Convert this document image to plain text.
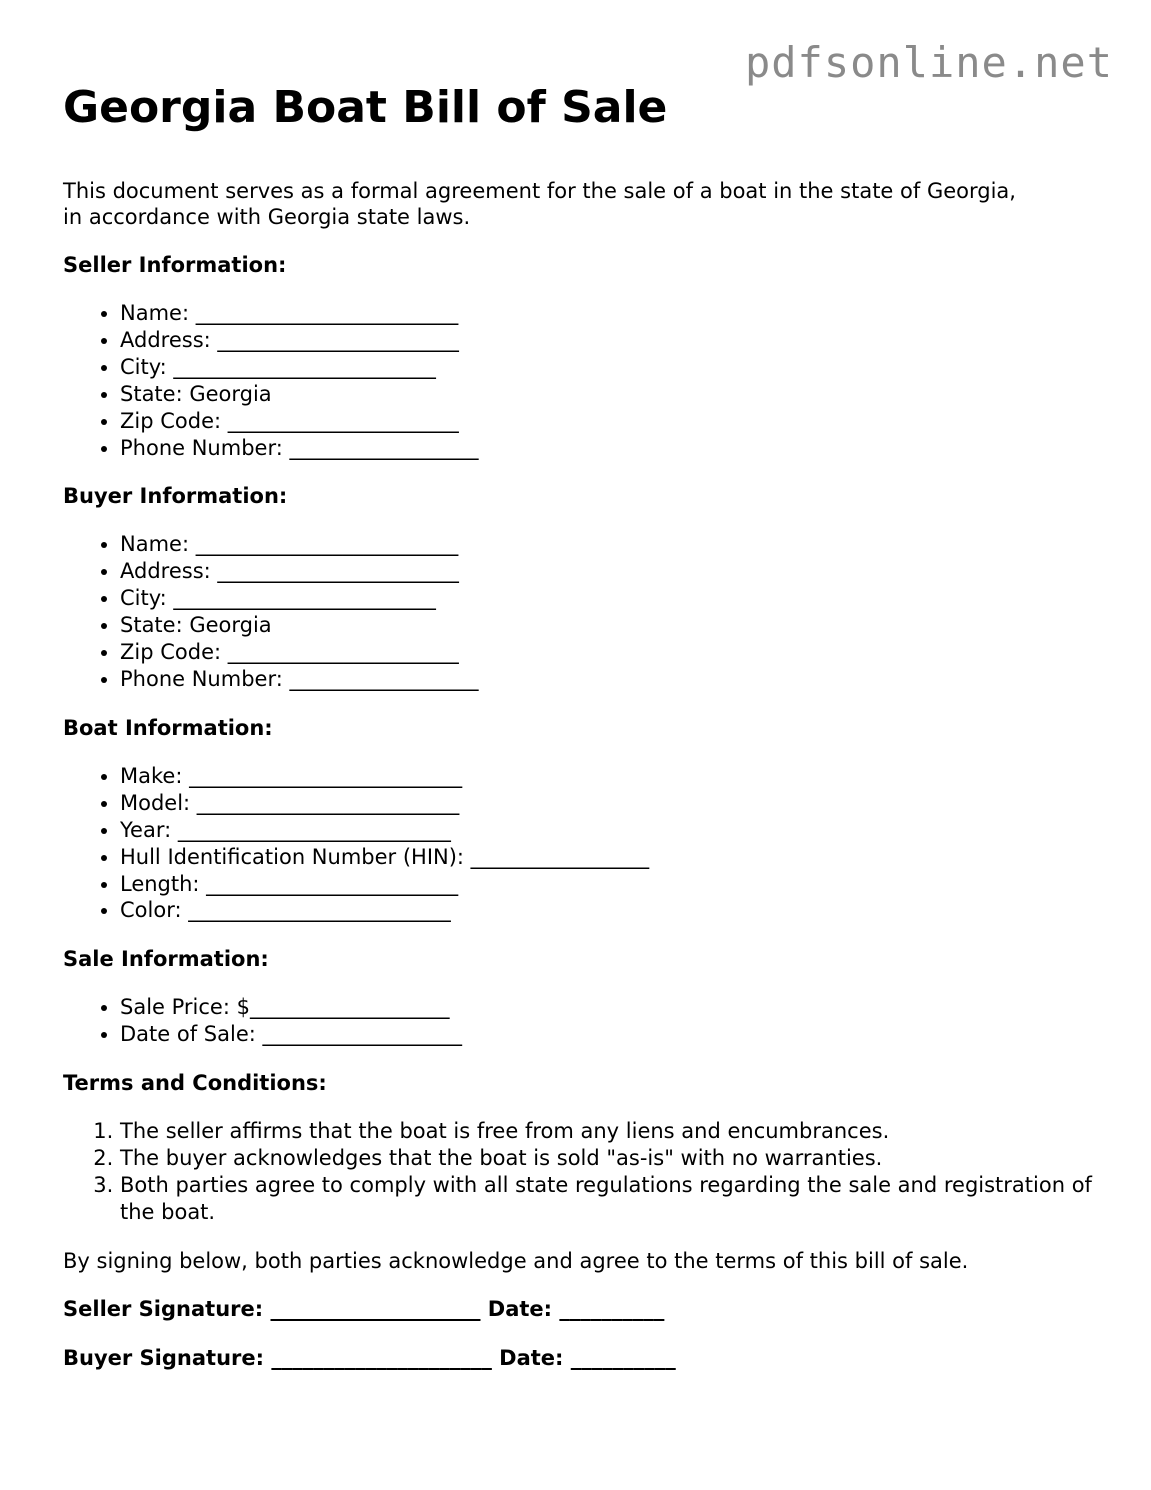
pdfsonline.net
Georgia Boat Bill of Sale

This document serves as a formal agreement for the sale of a boat in the state of Georgia, in accordance with Georgia state laws.

Seller Information:
• Name: _________________________
• Address: _______________________
• City: _________________________
• State: Georgia
• Zip Code: ______________________
• Phone Number: __________________
Buyer Information:
• Name: _________________________
• Address: _______________________
• City: _________________________
• State: Georgia
• Zip Code: ______________________
• Phone Number: __________________
Boat Information:
• Make: __________________________
• Model: _________________________
• Year: __________________________
• Hull Identification Number (HIN): _________________
• Length: ________________________
• Color: _________________________
Sale Information:
• Sale Price: $___________________
• Date of Sale: ___________________
Terms and Conditions:
1. The seller affirms that the boat is free from any liens and encumbrances.
2. The buyer acknowledges that the boat is sold "as-is" with no warranties.
3. Both parties agree to comply with all state regulations regarding the sale and registration of the boat.

By signing below, both parties acknowledge and agree to the terms of this bill of sale.

Seller Signature: ____________________ Date: __________
Buyer Signature: _____________________ Date: __________
